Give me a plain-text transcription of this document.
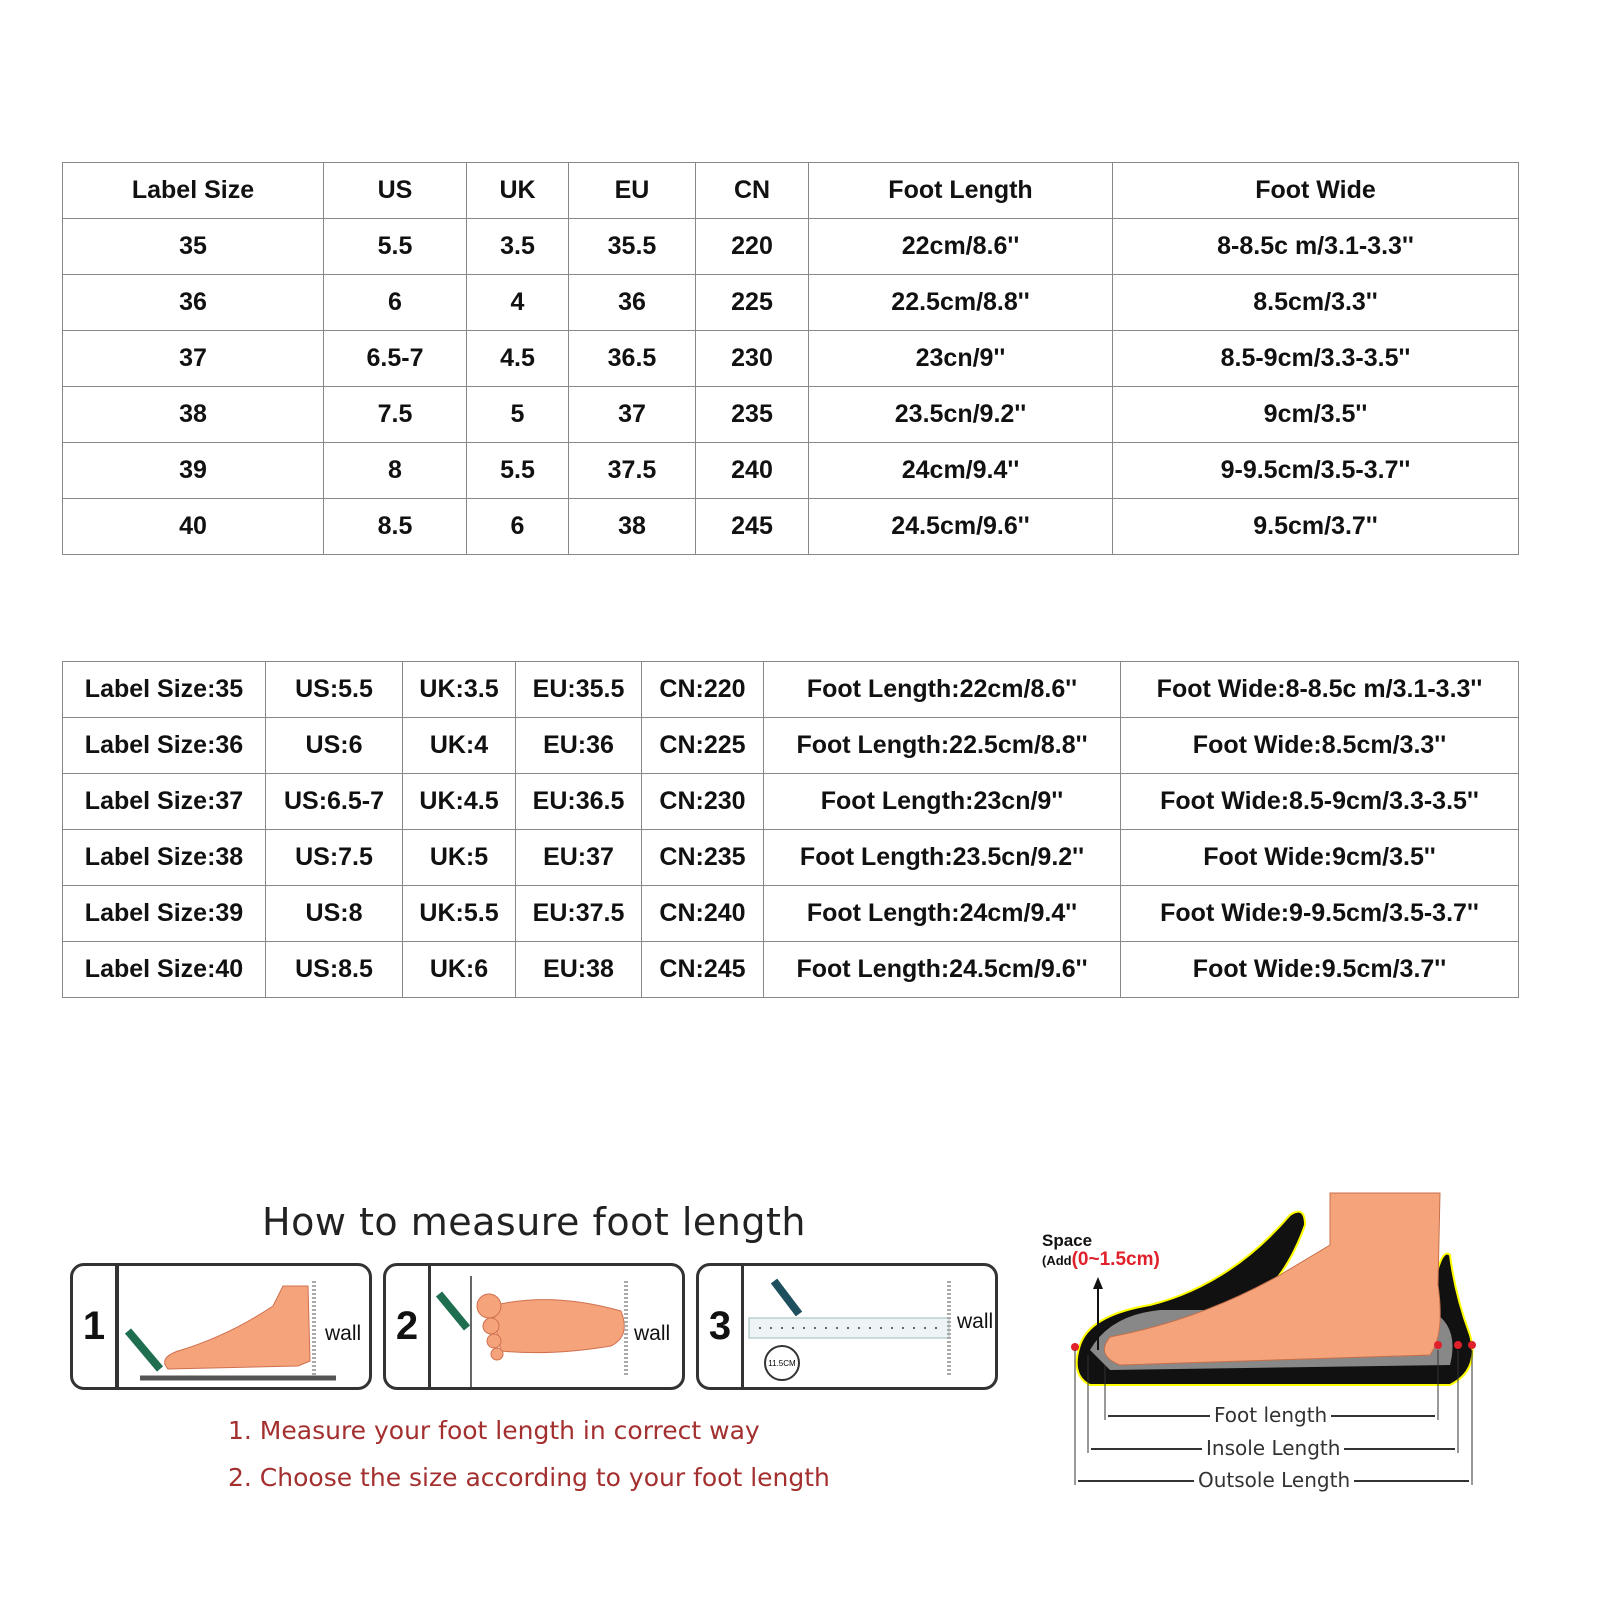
Label Size	US	UK	EU	CN	Foot Length	Foot Wide
35	5.5	3.5	35.5	220	22cm/8.6''	8-8.5c m/3.1-3.3''
36	6	4	36	225	22.5cm/8.8''	8.5cm/3.3''
37	6.5-7	4.5	36.5	230	23cn/9''	8.5-9cm/3.3-3.5''
38	7.5	5	37	235	23.5cn/9.2''	9cm/3.5''
39	8	5.5	37.5	240	24cm/9.4''	9-9.5cm/3.5-3.7''
40	8.5	6	38	245	24.5cm/9.6''	9.5cm/3.7''
Label Size:35	US:5.5	UK:3.5	EU:35.5	CN:220	Foot Length:22cm/8.6''	Foot Wide:8-8.5c m/3.1-3.3''
Label Size:36	US:6	UK:4	EU:36	CN:225	Foot Length:22.5cm/8.8''	Foot Wide:8.5cm/3.3''
Label Size:37	US:6.5-7	UK:4.5	EU:36.5	CN:230	Foot Length:23cn/9''	Foot Wide:8.5-9cm/3.3-3.5''
Label Size:38	US:7.5	UK:5	EU:37	CN:235	Foot Length:23.5cn/9.2''	Foot Wide:9cm/3.5''
Label Size:39	US:8	UK:5.5	EU:37.5	CN:240	Foot Length:24cm/9.4''	Foot Wide:9-9.5cm/3.5-3.7''
Label Size:40	US:8.5	UK:6	EU:38	CN:245	Foot Length:24.5cm/9.6''	Foot Wide:9.5cm/3.7''
How to measure foot length
1	wall 2	wall 3
11.5CM
wall
1. Measure your foot length in correct way
2. Choose the size according to your foot length
Space
(Add(0~1.5cm)
Foot length
Insole Length
Outsole Length
